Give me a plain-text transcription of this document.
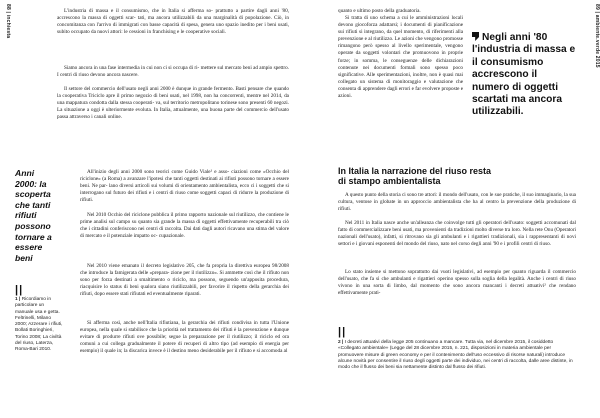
88 | inchiesta	89 | ambiente.verde 2015

L'industria di massa e il consumismo, che in Italia si afferma so- prattutto a partire dagli anni '80, accrescono la massa di oggetti scar- tati, ma ancora utilizzabili da una marginalità di popolazione. Ciò, in concomitanza con l'arrivo di immigrati con basse capacità di spesa, genera uno spazio inedito per i beni usati, subito occupato da nuovi attori: le cessioni in franchising e le cooperative sociali.

Siamo ancora in una fase intermedia in cui non ci si occupa di ri- mettere sul mercato beni ad ampio spettro. I centri di riuso devono ancora nascere.

Il settore del commercio dell'usato negli anni 2000 è dunque in grande fermento. Basti pensare che quando la cooperativa Triciclo apre il primo negozio di beni usati, nel 1998, non ha concorrenti, mentre nel 2014, da una mappatura condotta dalla stessa cooperati- va, sul territorio metropolitano torinese sono presenti 60 negozi. La situazione a oggi è ulteriormente evoluta. In Italia, attualmente, una buona parte del commercio dell'usato passa attraverso i canali online.

Anni 2000: la scoperta che tanti rifiuti possono tornare a essere beni

All'inizio degli anni 2000 sono teorici come Guido Viale¹ e asso- ciazioni come «Occhio del riciclone» (a Roma) a avanzare l'ipotesi che tanti oggetti destinati ai rifiuti possono tornare a essere beni. Ne par- lano diversi articoli sui volumi di orientamento ambientalista, ecco ci i soggetti che si interrogano sul futuro dei rifiuti e i centri di riuso come soggetti capaci di ridurre la produzione di rifiuti.

Nel 2010 Occhio del riciclone pubblica il primo rapporto nazionale sul riutilizzo, che contiene le prime analisi sul campo su quanto sia grande la massa di oggetti effettivamente recuperabili tra ciò che i cittadini conferiscono nei centri di raccolta. Dai dati dagli autori ricavano una stima del valore di mercato e il potenziale impatto oc- cupazionale.

Nel 2010 viene emanato il decreto legislativo 205, che fa propria la direttiva europea 98/2008 che introduce la famigerata delle «prepara- zione per il riutilizzo». Si ammette così che il rifiuto non sono per forza destinati a smaltimento o riciclo, ma possono, seguendo un'apposita procedura, riacquisire lo status di beni qualora siano riutilizzabili, per favorire il rispetto della gerarchia dei rifiuti, dopo essere stati rifiutati ed eventualmente riparati.

Si afferma così, anche nell'Italia rifiutiana, la gerarchia dei rifiuti condivisa in tutta l'Unione europea, nella quale si stabilisce che la priorità nel trattamento dei rifiuti è la prevenzione e dunque evitare di produrre rifiuti ove possibile; segue la preparazione per il riutilizzo; il riciclo ed ora comuni a cui collega gradualmente il potere di recuperi di altro tipo (ad esempio di energia per esempio) il quale in; la discarica invece è il destino meno desiderabile per il rifiuto e si accomoda al

||

1 | Ricordiamo in particolare un manuale usa e getta. Feltrinelli, Milano 2000; Azzerare i rifiuti, Bollati Boringhieri, Torino 2008; La civiltà del riuso, Laterza, Roma-Bari 2010.

quanto e ultimo posto della graduatoria.

Si tratta di uno schema a cui le amministrazioni locali devono giocoforza adattarsi; i documenti di pianificazione sui rifiuti si integrano, da quel momento, di riferimenti alla prevenzione e al riutilizzo. Le azioni che vengono promosse rimangono però spesso al livello sperimentale, vengono operate da soggetti volontari che promuovono in proprie forze; in somma, le conseguenze delle dichiarazioni contenute nei documenti formali sono spesso poco significative. Alle sperimentazioni, inoltre, non è quasi mai collegato un sistema di monitoraggio e valutazione che consenta di apprendere dagli errori e far evolvere proposte e azioni.

Negli anni '80 l'industria di massa e il consumismo accrescono il numero di oggetti scartati ma ancora utilizzabili.
In Italia la narrazione del riuso resta di stampo ambientalista

A questo punto della storia ci sono tre attori: il mondo dell'usato, con le sue pratiche, il suo immaginario, la sua cultura, ventose in globate in un approccio ambientalista che ha al centro la prevenzione della produzione di rifiuti.

Nel 2011 in Italia nasce anche un'alleanza che coinvolge tutti gli operatori dell'usato: soggetti accomunati dal fatto di commercializzare beni usati, ma provenienti da tradizioni molto diverse tra loro. Nella rete Onu (Operatori nazionali dell'usato), infatti, si ritrovano sia gli ambulanti e i rigattieri tradizionali, sia i rappresentanti di novi settori e i giovani esponenti del mondo del riuso, nato nel corso degli anni '90 e i profili centri di riuso.

Lo stato insieme si mettono soprattutto dai vuoti legislativi, ad esempio per quanto riguarda il commercio dell'usato, che fa sì che ambulanti e rigattieri operino spesso sulla soglia della legalità. Anche i centri di riuso vivono in una sorta di limbo, dal momento che sono ancora mancanti i decreti attuativi² che rendano effettivamente prati-

||

2 | I decreti attuativi della legge 205 continuano a mancare. Tutta via, nel dicembre 2015, il cosiddetto «Collegato ambientale» (Legge del 28 dicembre 2015, n. 221, disposizioni in materia ambientale per promuovere misure di green economy e per il contenimento dell'uso eccessivo di risorse naturali) introduce alcune novità per consentire il riuso degli oggetti parte dei individuo, nei centri di raccolta, dalle aree distinte, in modo che il flusso dei beni sia nettamente distinto dal flusso dei rifiuti.
